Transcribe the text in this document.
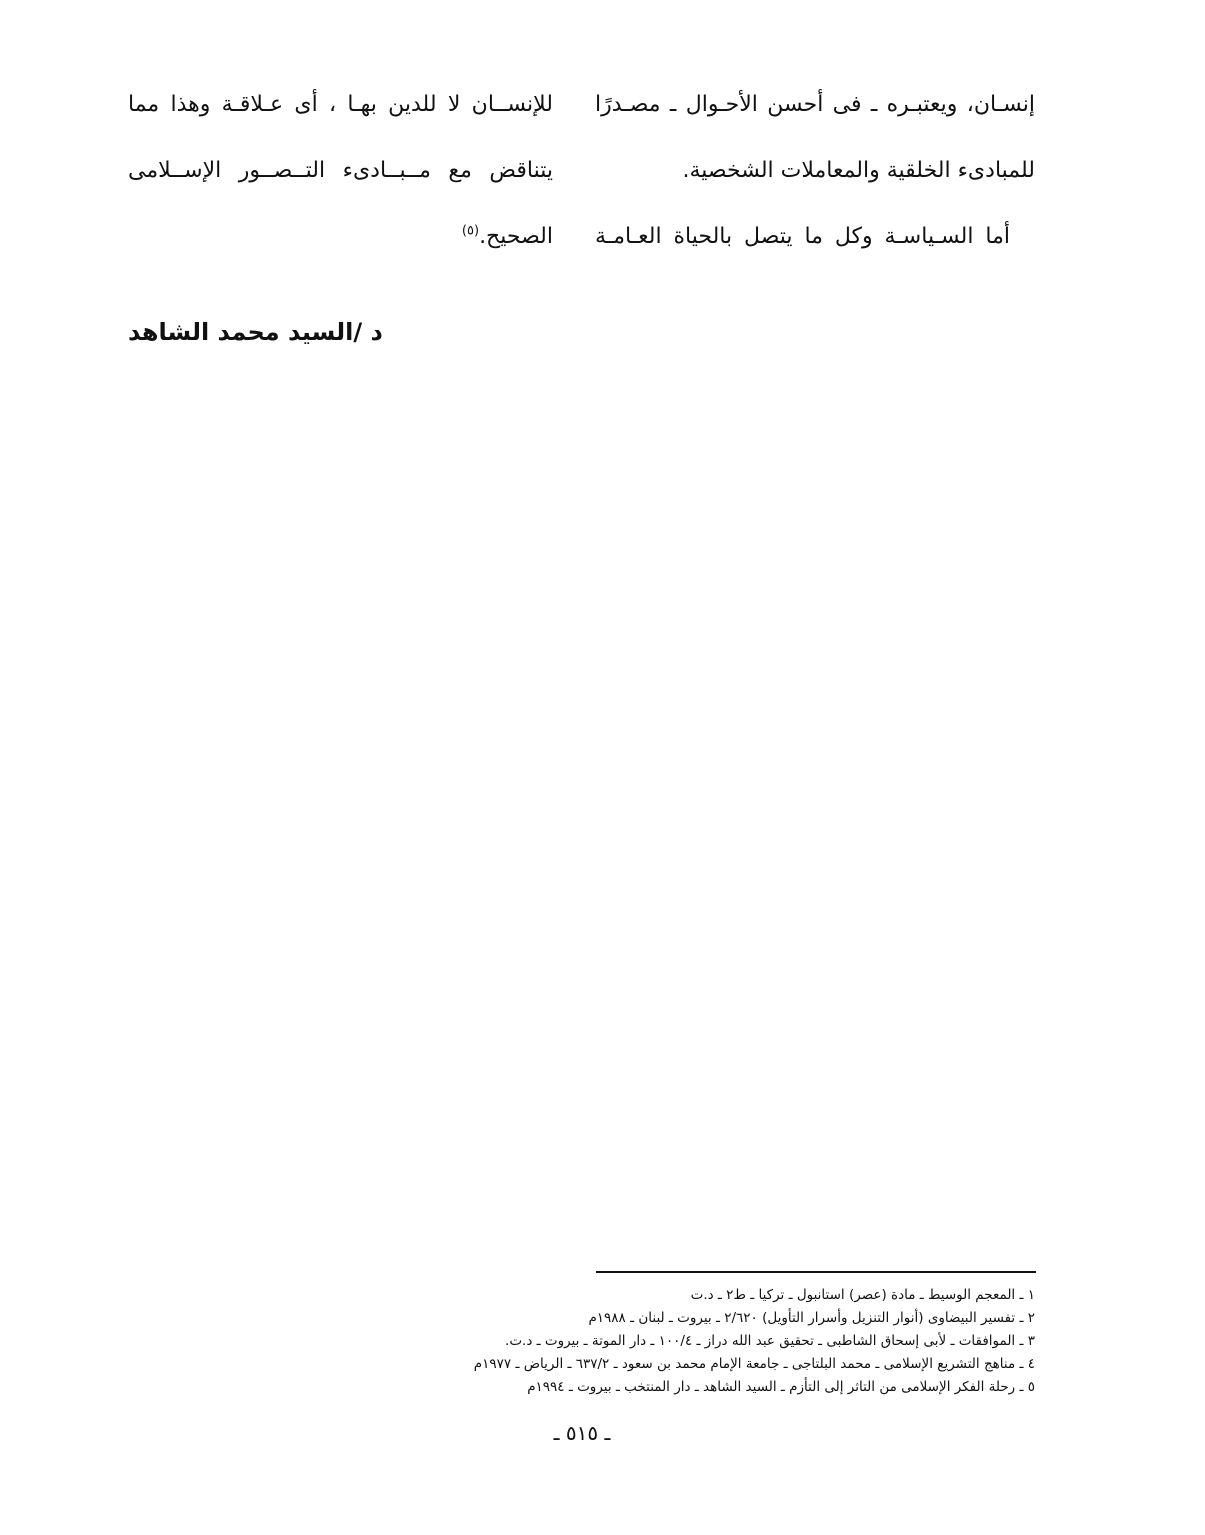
إنسـان، ويعتبـره ـ فى أحسن الأحـوال ـ مصـدرًا
للمبادىء الخلقية والمعاملات الشخصية.
أما السـياسـة وكل ما يتصل بالحياة العـامـة
للإنســان لا للدين بهـا ، أى عـلاقـة وهذا مما
يتناقض مع مــبــادىء التــصــور الإســلامى
الصحيح.$^{(٥)}$
د /السيد محمد الشاهد
١ ـ المعجم الوسيط ـ مادة (عصر) استانبول ـ تركيا ـ ط٢ ـ د.ت
٢ ـ تفسير البيضاوى (أنوار التنزيل وأسرار التأويل) ٢/٦٢٠ ـ بيروت ـ لبنان ـ ١٩٨٨م
٣ ـ الموافقات ـ لأبى إسحاق الشاطبى ـ تحقيق عبد الله دراز ـ ١٠٠/٤ ـ دار الموتة ـ بيروت ـ د.ت.
٤ ـ مناهج التشريع الإسلامى ـ محمد البلتاجى ـ جامعة الإمام محمد بن سعود ـ ٦٣٧/٢ ـ الرياض ـ ١٩٧٧م
٥ ـ رحلة الفكر الإسلامى من التاثر إلى التأزم ـ السيد الشاهد ـ دار المنتخب ـ بيروت ـ ١٩٩٤م
ـ ٥١٥ ـ
